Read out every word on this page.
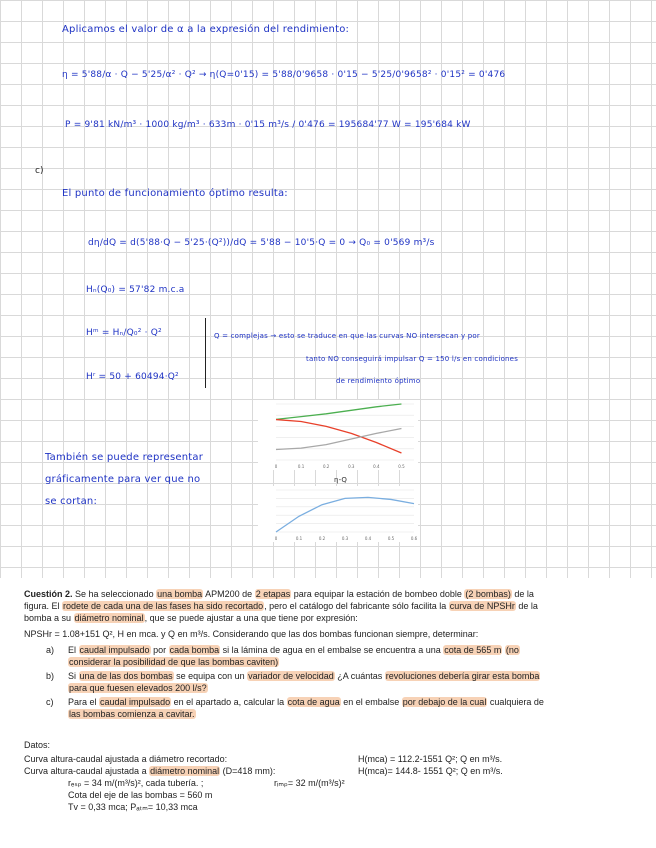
Aplicamos el valor de α a la expresión del rendimiento:
η = 5'88/α · Q − 5'25/α² · Q² → η(Q=0'15) = 5'88/0'9658 · 0'15 − 5'25/0'9658² · 0'15² = 0'476
P = 9'81 kN/m³ · 1000 kg/m³ · 633m · 0'15 m³/s / 0'476 = 195684'77 W = 195'684 kW
c)
El punto de funcionamiento óptimo resulta:
dη/dQ = d(5'88·Q − 5'25·(Q²))/dQ = 5'88 − 10'5·Q = 0 → Q₀ = 0'569 m³/s
Hₙ(Q₀) = 57'82 m.c.a
Hᵐ = Hₙ/Q₀² · Q²
Hʳ = 50 + 60494·Q²
Q = complejas → esto se traduce en que las curvas NO intersecan y por
tanto NO conseguirá impulsar Q = 150 l/s en condiciones
de rendimiento óptimo
También se puede representar
gráficamente para ver que no
se cortan:
0	0.1	0.2	0.3	0.4	0.5
η-Q
0	0.1	0.2	0.3	0.4	0.5	0.6
Cuestión 2. Se ha seleccionado una bomba APM200 de 2 etapas para equipar la estación de bombeo doble (2 bombas) de la
figura. El rodete de cada una de las fases ha sido recortado, pero el catálogo del fabricante sólo facilita la curva de NPSHr de la
bomba a su diámetro nominal, que se puede ajustar a una que tiene por expresión:
NPSHr = 1.08+151 Q², H en mca. y Q en m³/s. Considerando que las dos bombas funcionan siempre, determinar:
a) El caudal impulsado por cada bomba si la lámina de agua en el embalse se encuentra a una cota de 565 m (no
considerar la posibilidad de que las bombas caviten)
b) Si una de las dos bombas se equipa con un variador de velocidad ¿A cuántas revoluciones debería girar esta bomba
para que fuesen elevados 200 l/s?
c) Para el caudal impulsado en el apartado a, calcular la cota de agua en el embalse por debajo de la cual cualquiera de
las bombas comienza a cavitar.
Datos:
Curva altura-caudal ajustada a diámetro recortado:	H(mca) = 112.2-1551 Q²; Q en m³/s.
Curva altura-caudal ajustada a diámetro nominal (D=418 mm):	H(mca)= 144.8- 1551 Q²; Q en m³/s.
rₑₛₚ = 34 m/(m³/s)², cada tubería. ;	rᵢₘₚ= 32 m/(m³/s)²
Cota del eje de las bombas = 560 m
Tv = 0,33 mca; Pₐₜₘ= 10,33 mca
